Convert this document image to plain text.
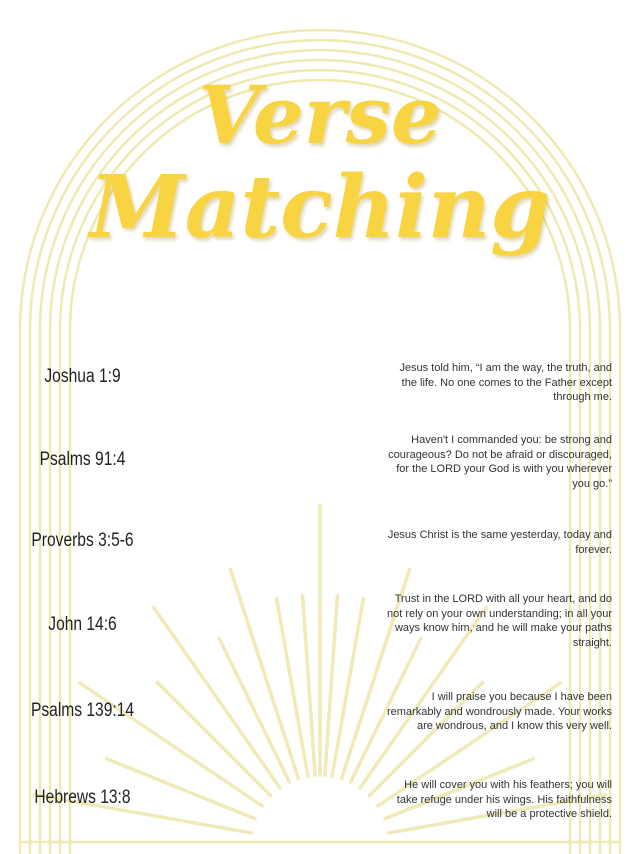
Verse
Matching
Joshua 1:9
Psalms 91:4
Proverbs 3:5-6
John 14:6
Psalms 139:14
Hebrews 13:8
Jesus told him, “I am the way, the truth, and the life. No one comes to the Father except through me.
Haven't I commanded you: be strong and courageous? Do not be afraid or discouraged, for the LORD your God is with you wherever you go.”
Jesus Christ is the same yesterday, today and forever.
Trust in the LORD with all your heart, and do not rely on your own understanding; in all your ways know him, and he will make your paths straight.
I will praise you because I have been remarkably and wondrously made. Your works are wondrous, and I know this very well.
He will cover you with his feathers; you will take refuge under his wings. His faithfulness will be a protective shield.
